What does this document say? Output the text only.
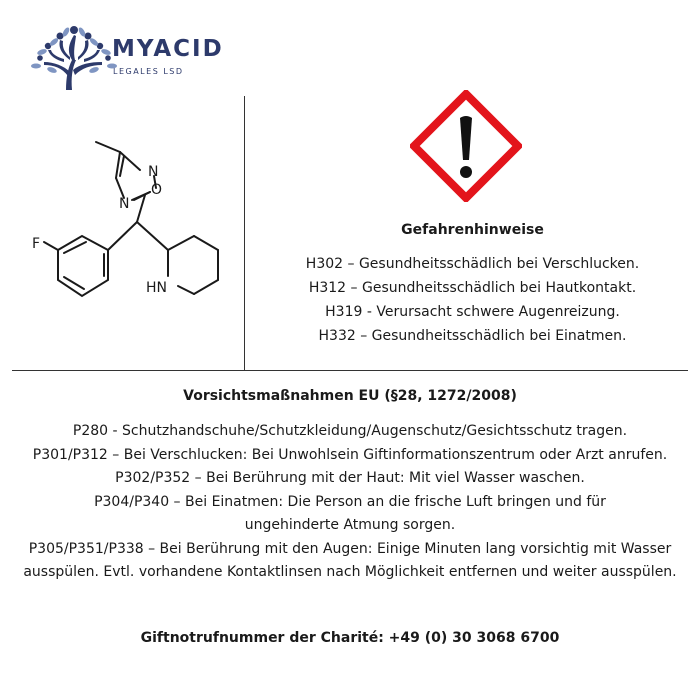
MYACID
LEGALES LSD
F
N
N
O
HN
Gefahrenhinweise
H302 – Gesundheitsschädlich bei Verschlucken.
H312 – Gesundheitsschädlich bei Hautkontakt.
H319 - Verursacht schwere Augenreizung.
H332 – Gesundheitsschädlich bei Einatmen.
Vorsichtsmaßnahmen EU (§28, 1272/2008)

P280 - Schutzhandschuhe/Schutzkleidung/Augenschutz/Gesichtsschutz tragen.

P301/P312 – Bei Verschlucken: Bei Unwohlsein Giftinformationszentrum oder Arzt anrufen.

P302/P352 – Bei Berührung mit der Haut: Mit viel Wasser waschen.

P304/P340 – Bei Einatmen: Die Person an die frische Luft bringen und für ungehinderte Atmung sorgen.

P305/P351/P338 – Bei Berührung mit den Augen: Einige Minuten lang vorsichtig mit Wasser ausspülen. Evtl. vorhandene Kontaktlinsen nach Möglichkeit entfernen und weiter ausspülen.

Giftnotrufnummer der Charité: +49 (0) 30 3068 6700
